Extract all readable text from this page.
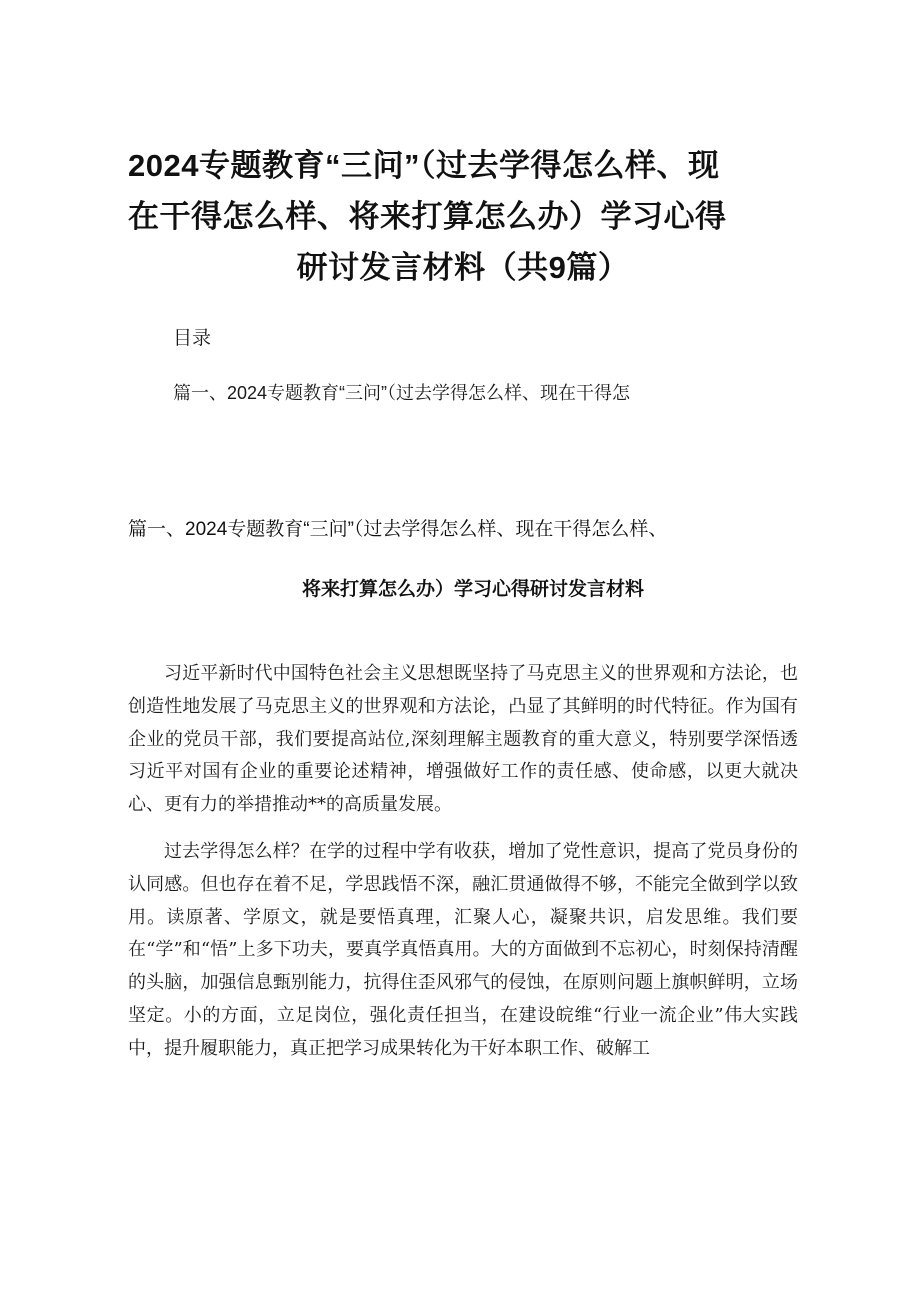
2024专题教育“三问”（过去学得怎么样、现
在干得怎么样、将来打算怎么办）学习心得
研讨发言材料（共9篇）
目录
篇一、2024专题教育“三问”（过去学得怎么样、现在干得怎
篇一、2024专题教育“三问”（过去学得怎么样、现在干得怎么样、
将来打算怎么办）学习心得研讨发言材料

习近平新时代中国特色社会主义思想既坚持了马克思主义的世界观和方法论，也创造性地发展了马克思主义的世界观和方法论，凸显了其鲜明的时代特征。作为国有企业的党员干部，我们要提高站位,深刻理解主题教育的重大意义，特别要学深悟透习近平对国有企业的重要论述精神，增强做好工作的责任感、使命感，以更大就决心、更有力的举措推动**的高质量发展。

过去学得怎么样？在学的过程中学有收获，增加了党性意识，提高了党员身份的认同感。但也存在着不足，学思践悟不深，融汇贯通做得不够，不能完全做到学以致用。读原著、学原文，就是要悟真理，汇聚人心，凝聚共识，启发思维。我们要在“学”和“悟”上多下功夫，要真学真悟真用。大的方面做到不忘初心，时刻保持清醒的头脑，加强信息甄别能力，抗得住歪风邪气的侵蚀，在原则问题上旗帜鲜明，立场坚定。小的方面，立足岗位，强化责任担当，在建设皖维“行业一流企业”伟大实践中，提升履职能力，真正把学习成果转化为干好本职工作、破解工
